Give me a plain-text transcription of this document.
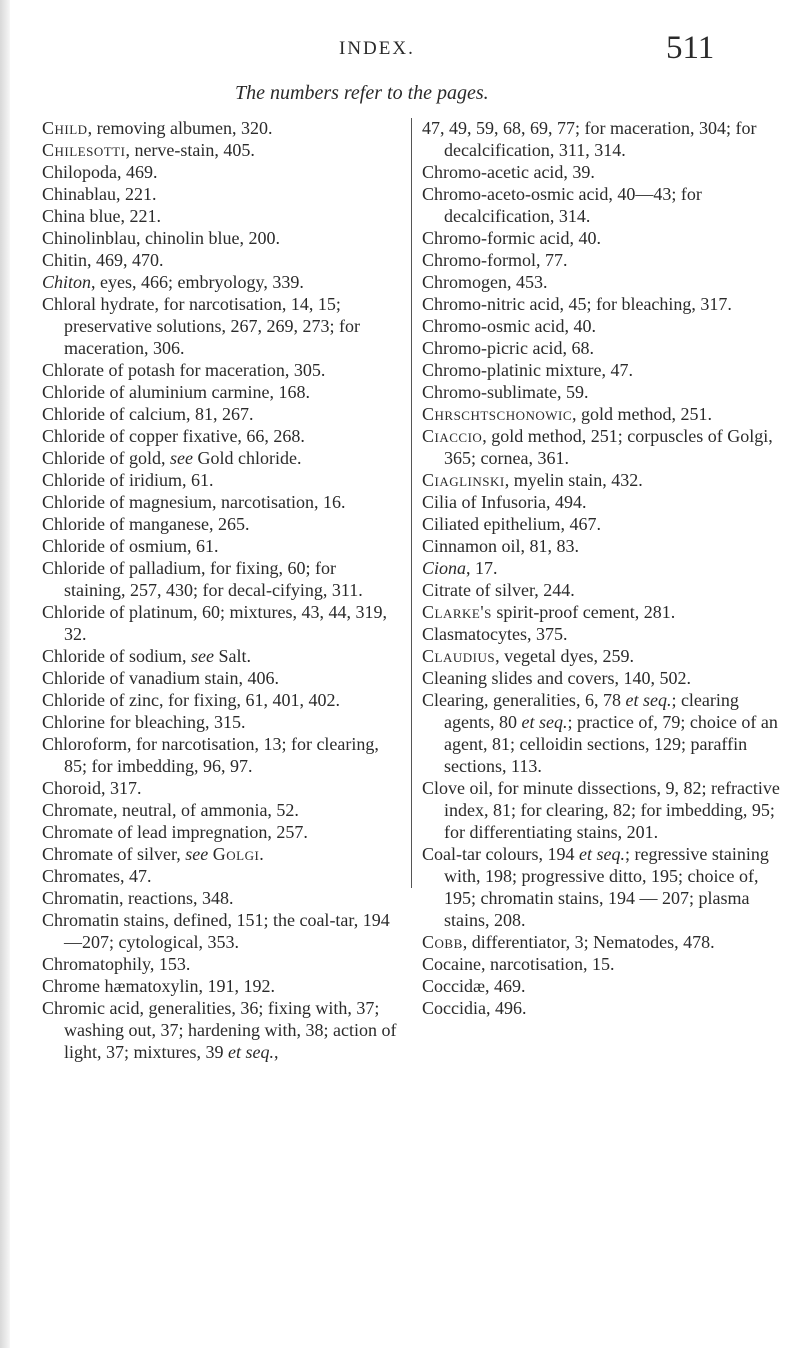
INDEX.	511
The numbers refer to the pages.

Child, removing albumen, 320.

Chilesotti, nerve-stain, 405.

Chilopoda, 469.

Chinablau, 221.

China blue, 221.

Chinolinblau, chinolin blue, 200.

Chitin, 469, 470.

Chiton, eyes, 466; embryology, 339.

Chloral hydrate, for narcotisation, 14, 15; preservative solutions, 267, 269, 273; for maceration, 306.

Chlorate of potash for maceration, 305.

Chloride of aluminium carmine, 168.

Chloride of calcium, 81, 267.

Chloride of copper fixative, 66, 268.

Chloride of gold, see Gold chloride.

Chloride of iridium, 61.

Chloride of magnesium, narcotisation, 16.

Chloride of manganese, 265.

Chloride of osmium, 61.

Chloride of palladium, for fixing, 60; for staining, 257, 430; for decal-cifying, 311.

Chloride of platinum, 60; mixtures, 43, 44, 319, 32.

Chloride of sodium, see Salt.

Chloride of vanadium stain, 406.

Chloride of zinc, for fixing, 61, 401, 402.

Chlorine for bleaching, 315.

Chloroform, for narcotisation, 13; for clearing, 85; for imbedding, 96, 97.

Choroid, 317.

Chromate, neutral, of ammonia, 52.

Chromate of lead impregnation, 257.

Chromate of silver, see Golgi.

Chromates, 47.

Chromatin, reactions, 348.

Chromatin stains, defined, 151; the coal-tar, 194—207; cytological, 353.

Chromatophily, 153.

Chrome hæmatoxylin, 191, 192.

Chromic acid, generalities, 36; fixing with, 37; washing out, 37; hardening with, 38; action of light, 37; mixtures, 39 et seq.,

47, 49, 59, 68, 69, 77; for maceration, 304; for decalcification, 311, 314.

Chromo-acetic acid, 39.

Chromo-aceto-osmic acid, 40—43; for decalcification, 314.

Chromo-formic acid, 40.

Chromo-formol, 77.

Chromogen, 453.

Chromo-nitric acid, 45; for bleaching, 317.

Chromo-osmic acid, 40.

Chromo-picric acid, 68.

Chromo-platinic mixture, 47.

Chromo-sublimate, 59.

Chrschtschonowic, gold method, 251.

Ciaccio, gold method, 251; corpuscles of Golgi, 365; cornea, 361.

Ciaglinski, myelin stain, 432.

Cilia of Infusoria, 494.

Ciliated epithelium, 467.

Cinnamon oil, 81, 83.

Ciona, 17.

Citrate of silver, 244.

Clarke's spirit-proof cement, 281.

Clasmatocytes, 375.

Claudius, vegetal dyes, 259.

Cleaning slides and covers, 140, 502.

Clearing, generalities, 6, 78 et seq.; clearing agents, 80 et seq.; practice of, 79; choice of an agent, 81; celloidin sections, 129; paraffin sections, 113.

Clove oil, for minute dissections, 9, 82; refractive index, 81; for clearing, 82; for imbedding, 95; for differentiating stains, 201.

Coal-tar colours, 194 et seq.; regressive staining with, 198; progressive ditto, 195; choice of, 195; chromatin stains, 194 — 207; plasma stains, 208.

Cobb, differentiator, 3; Nematodes, 478.

Cocaine, narcotisation, 15.

Coccidæ, 469.

Coccidia, 496.
